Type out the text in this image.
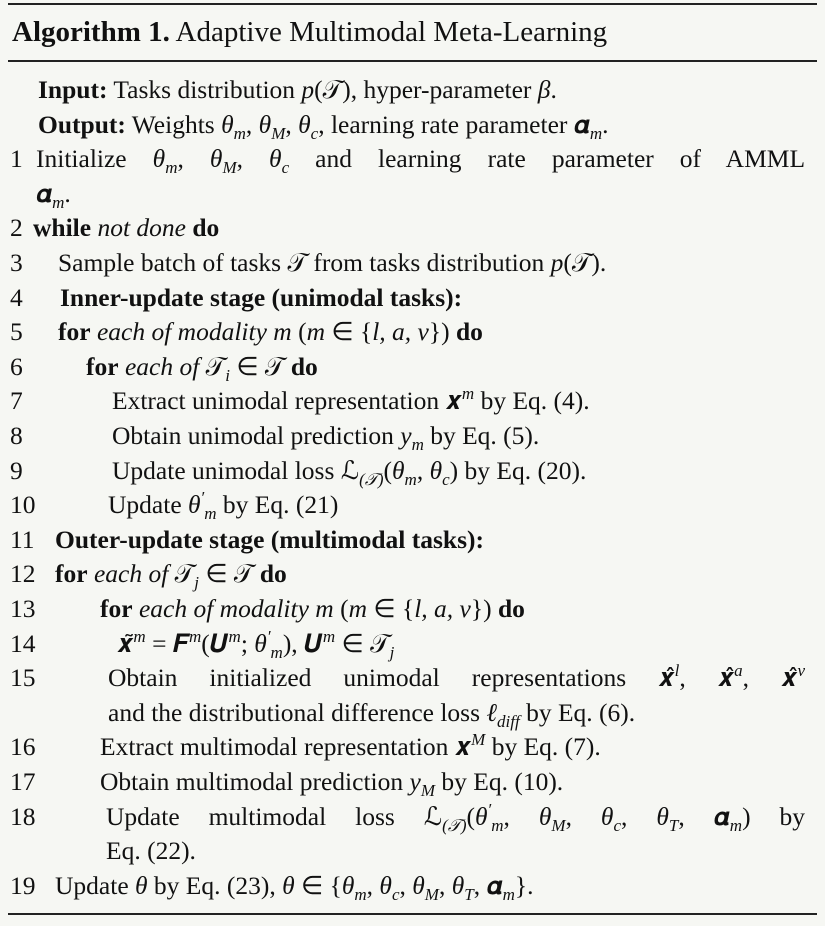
Algorithm 1. Adaptive Multimodal Meta-Learning
Input: Tasks distribution p(𝒯), hyper-parameter β.
Output: Weights $\theta_m$, $\theta_M$, $\theta_c$, learning rate parameter 𝜶$_m$.
1 Initialize $\theta_m$, $\theta_M$, $\theta_c$ and learning rate parameter of AMML
𝜶$_m$.
2 while not done do
3 Sample batch of tasks 𝒯 from tasks distribution p(𝒯).
4 Inner-update stage (unimodal tasks):
5 for each of modality m (m ∈ {l, a, v}) do
6 for each of 𝒯$_i$ ∈ 𝒯 do
7	Extract unimodal representation 𝒙$^m$ by Eq. (4).
8	Obtain unimodal prediction $y_m$ by Eq. (5).
9	Update unimodal loss $ℒ_{(𝒯)}(\theta_m$, $\theta_c$) by Eq. (20).
10	Update $\theta'_m$ by Eq. (21)
11 Outer-update stage (multimodal tasks):
12 for each of 𝒯$_j$ ∈ 𝒯 do
13	for each of modality m (m ∈ {l, a, v}) do
14	𝒙̃$^m$ = 𝑭$^m$(𝑼$^m$; $\theta'_m$), 𝑼$^m$ ∈ 𝒯$_j$
15	Obtain initialized unimodal representations 𝒙̂$^l$, 𝒙̂$^a$, 𝒙̂$^v$
and the distributional difference loss ℓ$_{diff}$ by Eq. (6).
16	Extract multimodal representation 𝒙$^M$ by Eq. (7).
17	Obtain multimodal prediction $y_M$ by Eq. (10).
18	Update multimodal loss $ℒ_{(𝒯)}(\theta'_m$, $\theta_M$, $\theta_c$, $\theta_T$, 𝜶$_m$) by
Eq. (22).
19 Update θ by Eq. (23), θ ∈ {$\theta_m$, $\theta_c$, $\theta_M$, $\theta_T$, 𝜶$_m$}.
